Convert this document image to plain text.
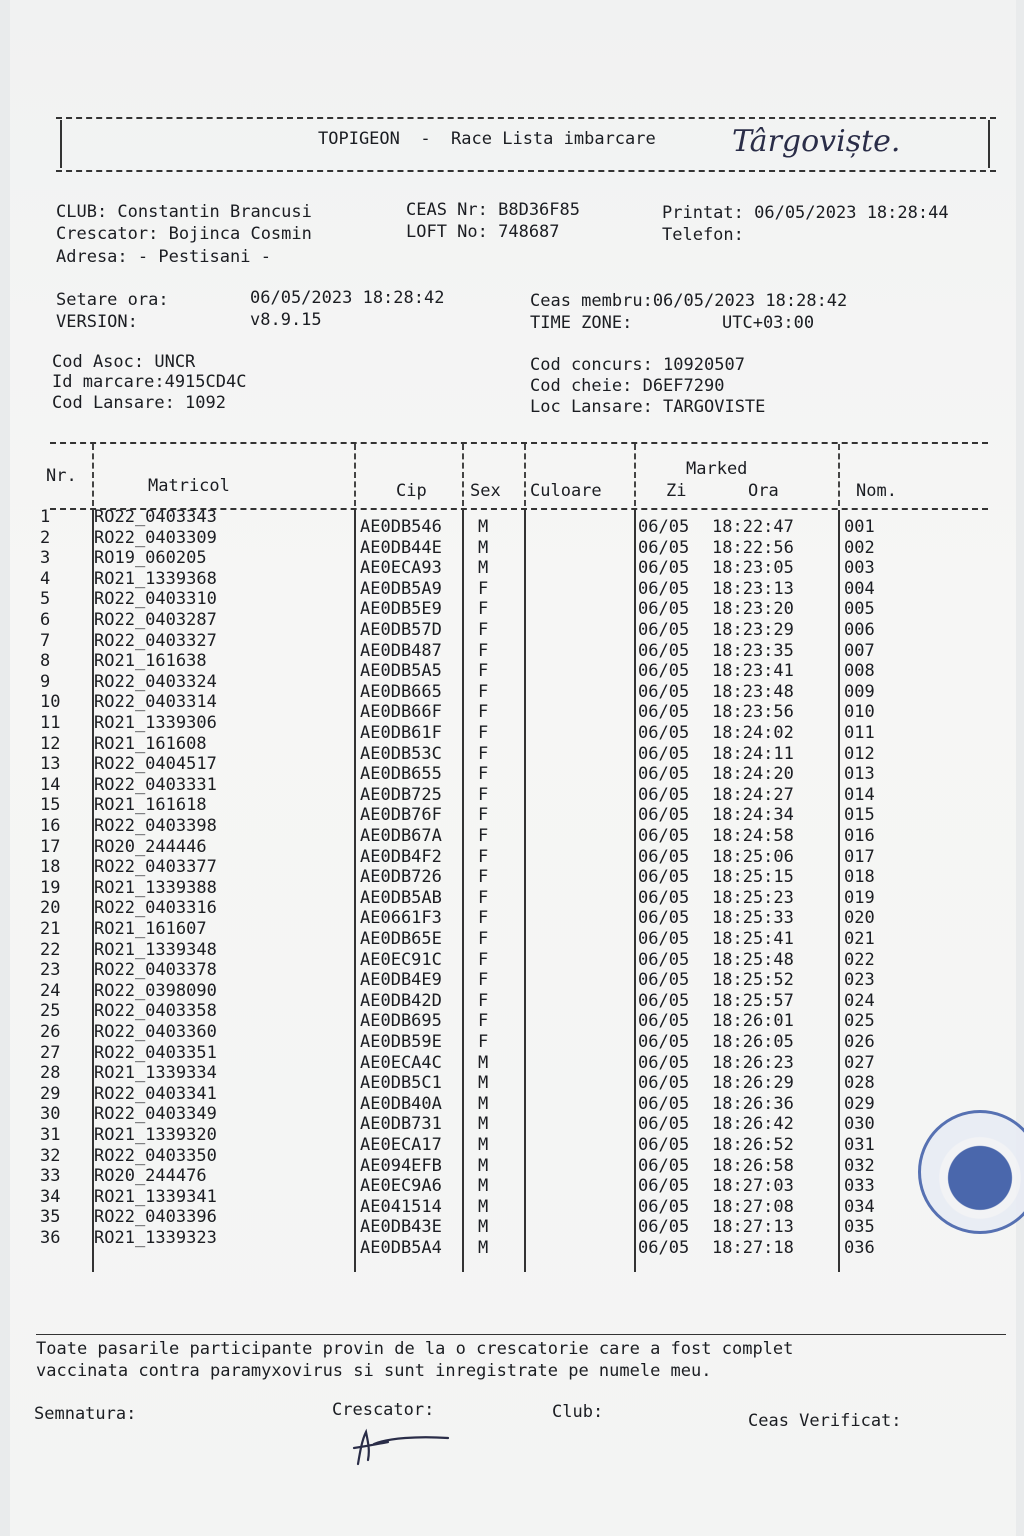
TOPIGEON  -  Race Lista imbarcare	Târgoviște.
CLUB: Constantin Brancusi
Crescator: Bojinca Cosmin
Adresa: - Pestisani -
CEAS Nr: B8D36F85
LOFT No: 748687
Printat: 06/05/2023 18:28:44
Telefon:
Setare ora:	06/05/2023 18:28:42
VERSION:	v8.9.15
Ceas membru:06/05/2023 18:28:42
TIME ZONE:	UTC+03:00
Cod Asoc: UNCR
Id marcare:4915CD4C
Cod Lansare: 1092
Cod concurs: 10920507
Cod cheie: D6EF7290
Loc Lansare: TARGOVISTE
Nr.	Matricol	Cip	Sex Culoare
Marked
Zi	Ora	Nom.
1	RO22_0403343	AE0DB546 M	06/05 18:22:47	001
2	RO22_0403309	AE0DB44E M	06/05 18:22:56	002
3	RO19_060205	AE0ECA93 M	06/05 18:23:05	003
4	RO21_1339368	AE0DB5A9 F	06/05 18:23:13	004
5	RO22_0403310	AE0DB5E9 F	06/05 18:23:20	005
6	RO22_0403287	AE0DB57D F	06/05 18:23:29	006
7	RO22_0403327	AE0DB487 F	06/05 18:23:35	007
8	RO21_161638	AE0DB5A5 F	06/05 18:23:41	008
9	RO22_0403324	AE0DB665 F	06/05 18:23:48	009
10 RO22_0403314	AE0DB66F F	06/05 18:23:56	010
11 RO21_1339306	AE0DB61F F	06/05 18:24:02	011
12 RO21_161608	AE0DB53C F	06/05 18:24:11	012
13 RO22_0404517	AE0DB655 F	06/05 18:24:20	013
14 RO22_0403331	AE0DB725 F	06/05 18:24:27	014
15 RO21_161618	AE0DB76F F	06/05 18:24:34	015
16 RO22_0403398	AE0DB67A F	06/05 18:24:58	016
17 RO20_244446	AE0DB4F2 F	06/05 18:25:06	017
18 RO22_0403377	AE0DB726 F	06/05 18:25:15	018
19 RO21_1339388	AE0DB5AB F	06/05 18:25:23	019
20 RO22_0403316	AE0661F3 F	06/05 18:25:33	020
21 RO21_161607	AE0DB65E F	06/05 18:25:41	021
22 RO21_1339348	AE0EC91C F	06/05 18:25:48	022
23 RO22_0403378	AE0DB4E9 F	06/05 18:25:52	023
24 RO22_0398090	AE0DB42D F	06/05 18:25:57	024
25 RO22_0403358	AE0DB695 F	06/05 18:26:01	025
26 RO22_0403360	AE0DB59E F	06/05 18:26:05	026
27 RO22_0403351	AE0ECA4C M	06/05 18:26:23	027
28 RO21_1339334	AE0DB5C1 M	06/05 18:26:29	028
29 RO22_0403341	AE0DB40A M	06/05 18:26:36	029
30 RO22_0403349	AE0DB731 M	06/05 18:26:42	030
31 RO21_1339320	AE0ECA17 M	06/05 18:26:52	031
32 RO22_0403350	AE094EFB M	06/05 18:26:58	032
33 RO20_244476	AE0EC9A6 M	06/05 18:27:03	033
34 RO21_1339341	AE041514 M	06/05 18:27:08	034
35 RO22_0403396	AE0DB43E M	06/05 18:27:13	035
36 RO21_1339323	AE0DB5A4 M	06/05 18:27:18	036
Toate pasarile participante provin de la o crescatorie care a fost complet
vaccinata contra paramyxovirus si sunt inregistrate pe numele meu.
Semnatura:	Crescator:	Club:	Ceas Verificat:
